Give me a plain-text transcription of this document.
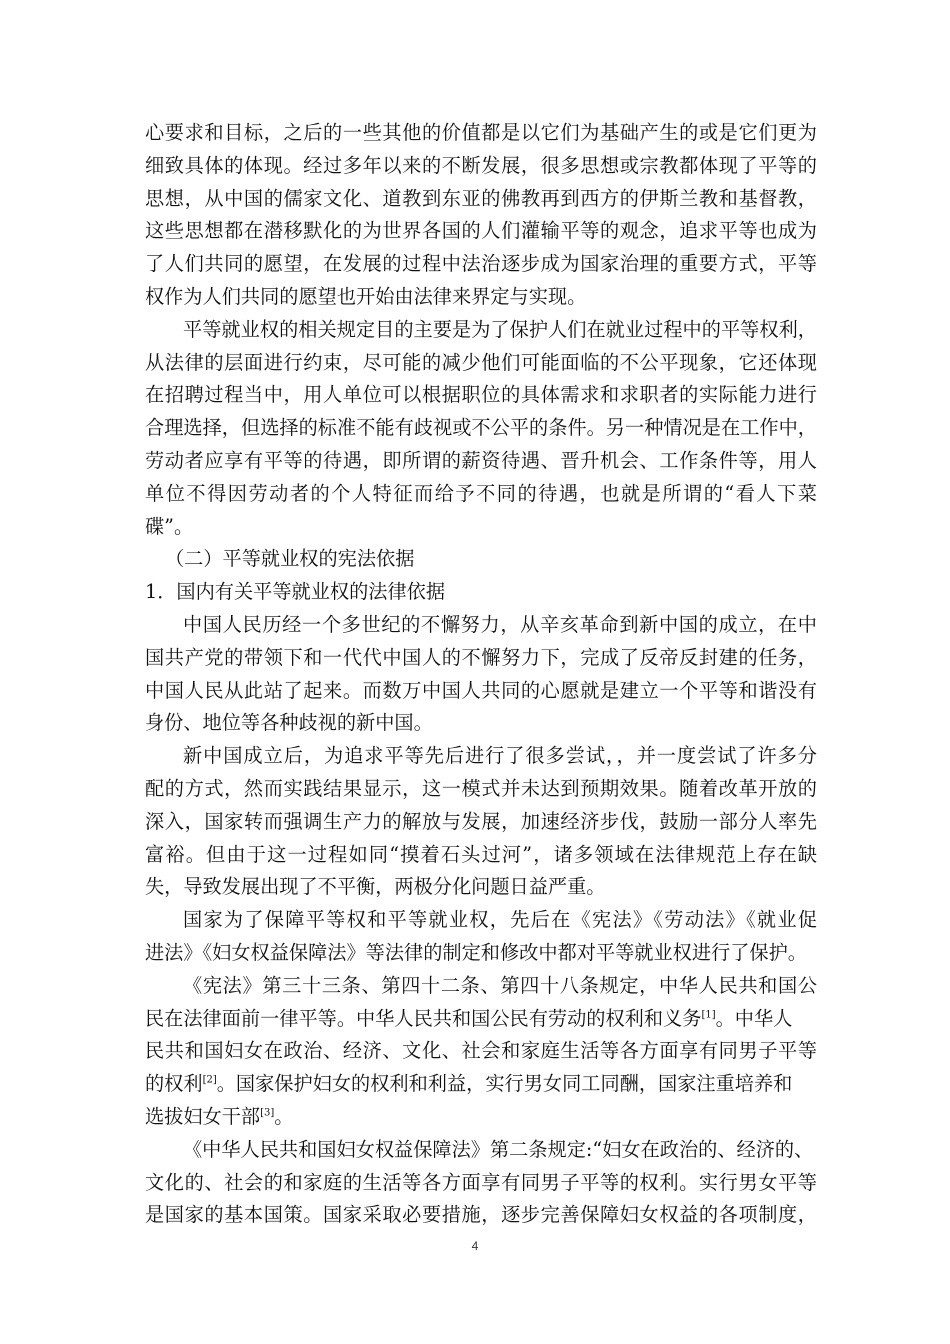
心要求和目标，之后的一些其他的价值都是以它们为基础产生的或是它们更为
细致具体的体现。经过多年以来的不断发展，很多思想或宗教都体现了平等的
思想，从中国的儒家文化、道教到东亚的佛教再到西方的伊斯兰教和基督教，
这些思想都在潜移默化的为世界各国的人们灌输平等的观念，追求平等也成为
了人们共同的愿望，在发展的过程中法治逐步成为国家治理的重要方式，平等
权作为人们共同的愿望也开始由法律来界定与实现。
平等就业权的相关规定目的主要是为了保护人们在就业过程中的平等权利，
从法律的层面进行约束，尽可能的减少他们可能面临的不公平现象，它还体现
在招聘过程当中，用人单位可以根据职位的具体需求和求职者的实际能力进行
合理选择，但选择的标准不能有歧视或不公平的条件。另一种情况是在工作中，
劳动者应享有平等的待遇，即所谓的薪资待遇、晋升机会、工作条件等，用人
单位不得因劳动者的个人特征而给予不同的待遇，也就是所谓的“看人下菜
碟”。
（二）平等就业权的宪法依据
1．国内有关平等就业权的法律依据
中国人民历经一个多世纪的不懈努力，从辛亥革命到新中国的成立，在中
国共产党的带领下和一代代中国人的不懈努力下，完成了反帝反封建的任务，
中国人民从此站了起来。而数万中国人共同的心愿就是建立一个平等和谐没有
身份、地位等各种歧视的新中国。
新中国成立后，为追求平等先后进行了很多尝试，，并一度尝试了许多分
配的方式，然而实践结果显示，这一模式并未达到预期效果。随着改革开放的
深入，国家转而强调生产力的解放与发展，加速经济步伐，鼓励一部分人率先
富裕。但由于这一过程如同“摸着石头过河”，诸多领域在法律规范上存在缺
失，导致发展出现了不平衡，两极分化问题日益严重。
国家为了保障平等权和平等就业权，先后在《宪法》《劳动法》《就业促
进法》《妇女权益保障法》等法律的制定和修改中都对平等就业权进行了保护。
《宪法》第三十三条、第四十二条、第四十八条规定，中华人民共和国公
民在法律面前一律平等。中华人民共和国公民有劳动的权利和义务[1]。中华人
民共和国妇女在政治、经济、文化、社会和家庭生活等各方面享有同男子平等
的权利[2]。国家保护妇女的权利和利益，实行男女同工同酬，国家注重培养和
选拔妇女干部[3]。
《中华人民共和国妇女权益保障法》第二条规定:“妇女在政治的、经济的、
文化的、社会的和家庭的生活等各方面享有同男子平等的权利。实行男女平等
是国家的基本国策。国家采取必要措施，逐步完善保障妇女权益的各项制度，
4
